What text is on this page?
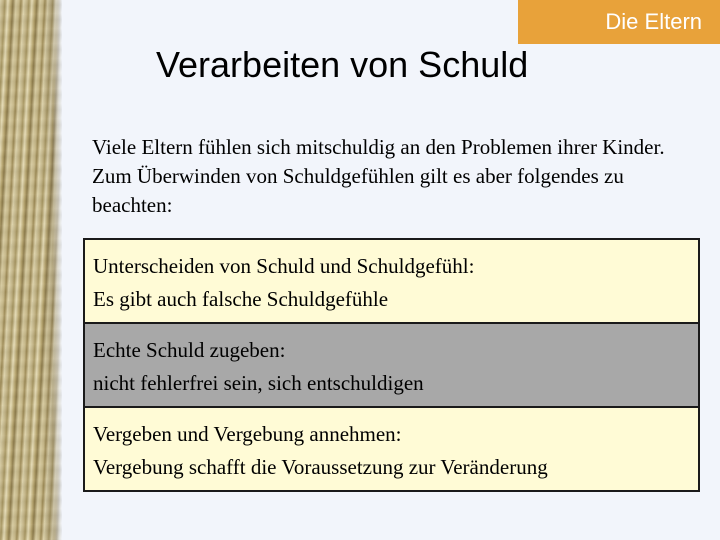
Die Eltern
Verarbeiten von Schuld
Viele Eltern fühlen sich mitschuldig an den Problemen ihrer Kinder. Zum Überwinden von Schuldgefühlen gilt es aber folgendes zu beachten:
Unterscheiden von Schuld und Schuldgefühl:
Es gibt auch falsche Schuldgefühle
Echte Schuld zugeben:
nicht fehlerfrei sein, sich entschuldigen
Vergeben und Vergebung annehmen:
Vergebung schafft die Voraussetzung zur Veränderung
